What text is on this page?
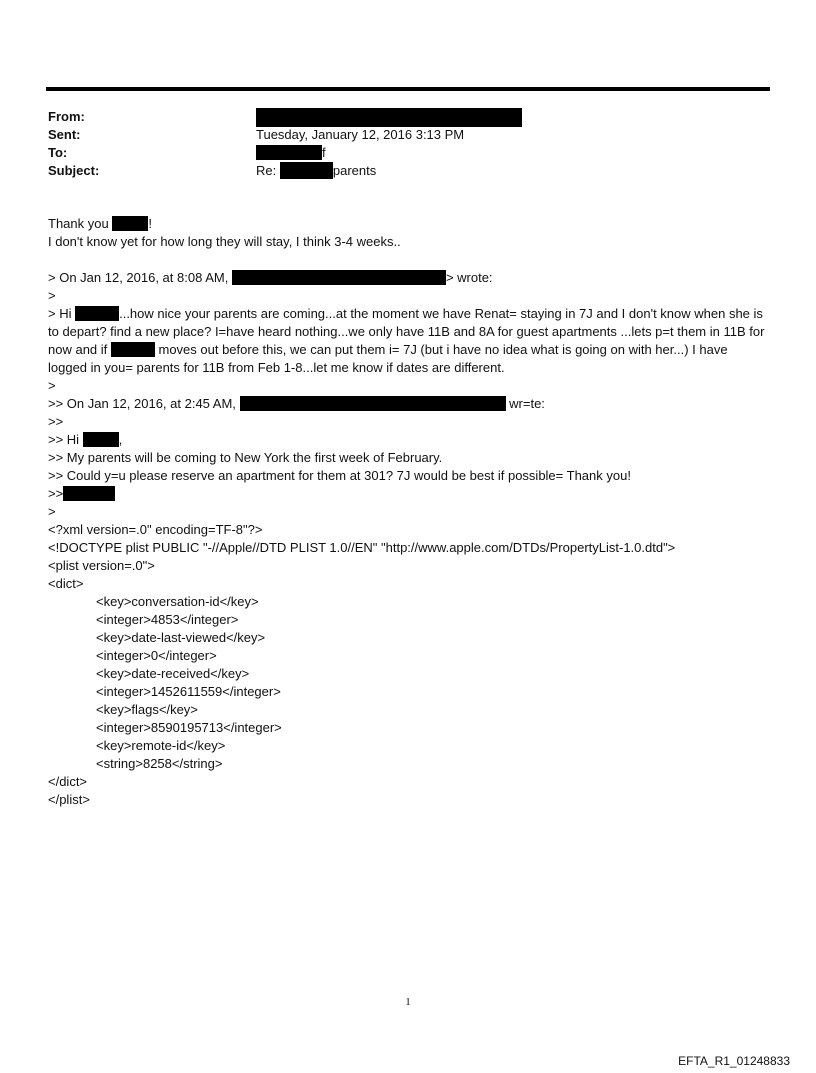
From:
Sent:	Tuesday, January 12, 2016 3:13 PM
To:	f
Subject:	Re:	parents

Thank you	!

I don't know yet for how long they will stay, I think 3-4 weeks..

> On Jan 12, 2016, at 8:08 AM,	> wrote:

>

> Hi	...how nice your parents are coming...at the moment we have Renat= staying in 7J and I don't know when she is to depart? find a new place? I=have heard nothing...we only have 11B and 8A for guest apartments ...lets p=t them in 11B for now and if	moves out before this, we can put them i= 7J (but i have no idea what is going on with her...) I have logged in you= parents for 11B from Feb 1-8...let me know if dates are different.

>

>> On Jan 12, 2016, at 2:45 AM,	wr=te:

>>

>> Hi	,

>> My parents will be coming to New York the first week of February.

>> Could y=u please reserve an apartment for them at 301? 7J would be best if possible= Thank you!

>>

>

<?xml version=.0" encoding=TF-8"?>

<!DOCTYPE plist PUBLIC "-//Apple//DTD PLIST 1.0//EN" "http://www.apple.com/DTDs/PropertyList-1.0.dtd">

<plist version=.0">

<dict>

<key>conversation-id</key>

<integer>4853</integer>

<key>date-last-viewed</key>

<integer>0</integer>

<key>date-received</key>

<integer>1452611559</integer>

<key>flags</key>

<integer>8590195713</integer>

<key>remote-id</key>

<string>8258</string>

</dict>

</plist>

1
EFTA_R1_01248833
